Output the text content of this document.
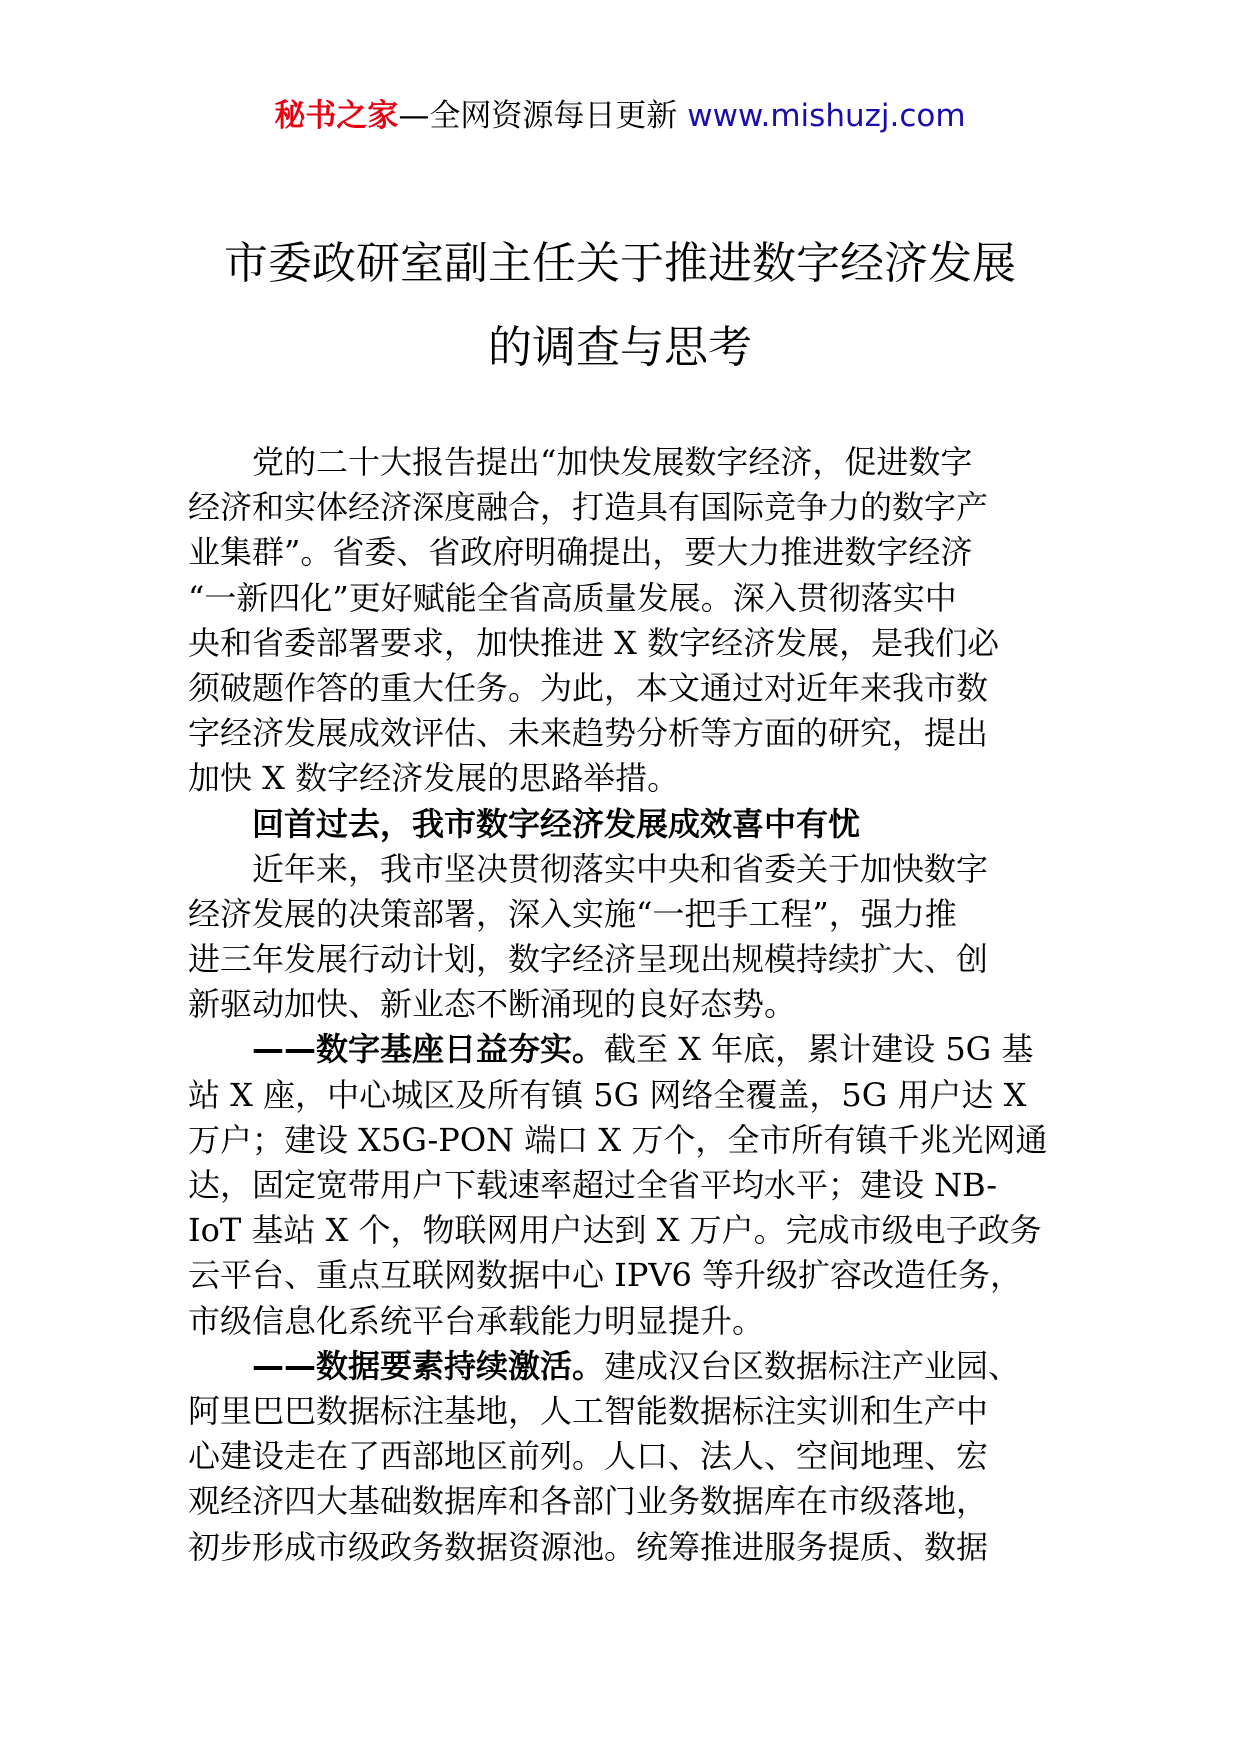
秘书之家—全网资源每日更新 www.mishuzj.com
市委政研室副主任关于推进数字经济发展
的调查与思考
党的二十大报告提出“加快发展数字经济，促进数字
经济和实体经济深度融合，打造具有国际竞争力的数字产
业集群”。省委、省政府明确提出，要大力推进数字经济
“一新四化”更好赋能全省高质量发展。深入贯彻落实中
央和省委部署要求，加快推进 X 数字经济发展，是我们必
须破题作答的重大任务。为此，本文通过对近年来我市数
字经济发展成效评估、未来趋势分析等方面的研究，提出
加快 X 数字经济发展的思路举措。
回首过去，我市数字经济发展成效喜中有忧
近年来，我市坚决贯彻落实中央和省委关于加快数字
经济发展的决策部署，深入实施“一把手工程”，强力推
进三年发展行动计划，数字经济呈现出规模持续扩大、创
新驱动加快、新业态不断涌现的良好态势。
——数字基座日益夯实。截至 X 年底，累计建设 5G 基
站 X 座，中心城区及所有镇 5G 网络全覆盖，5G 用户达 X
万户；建设 X5G-PON 端口 X 万个，全市所有镇千兆光网通
达，固定宽带用户下载速率超过全省平均水平；建设 NB-
IoT 基站 X 个，物联网用户达到 X 万户。完成市级电子政务
云平台、重点互联网数据中心 IPV6 等升级扩容改造任务，
市级信息化系统平台承载能力明显提升。
——数据要素持续激活。建成汉台区数据标注产业园、
阿里巴巴数据标注基地，人工智能数据标注实训和生产中
心建设走在了西部地区前列。人口、法人、空间地理、宏
观经济四大基础数据库和各部门业务数据库在市级落地，
初步形成市级政务数据资源池。统筹推进服务提质、数据
